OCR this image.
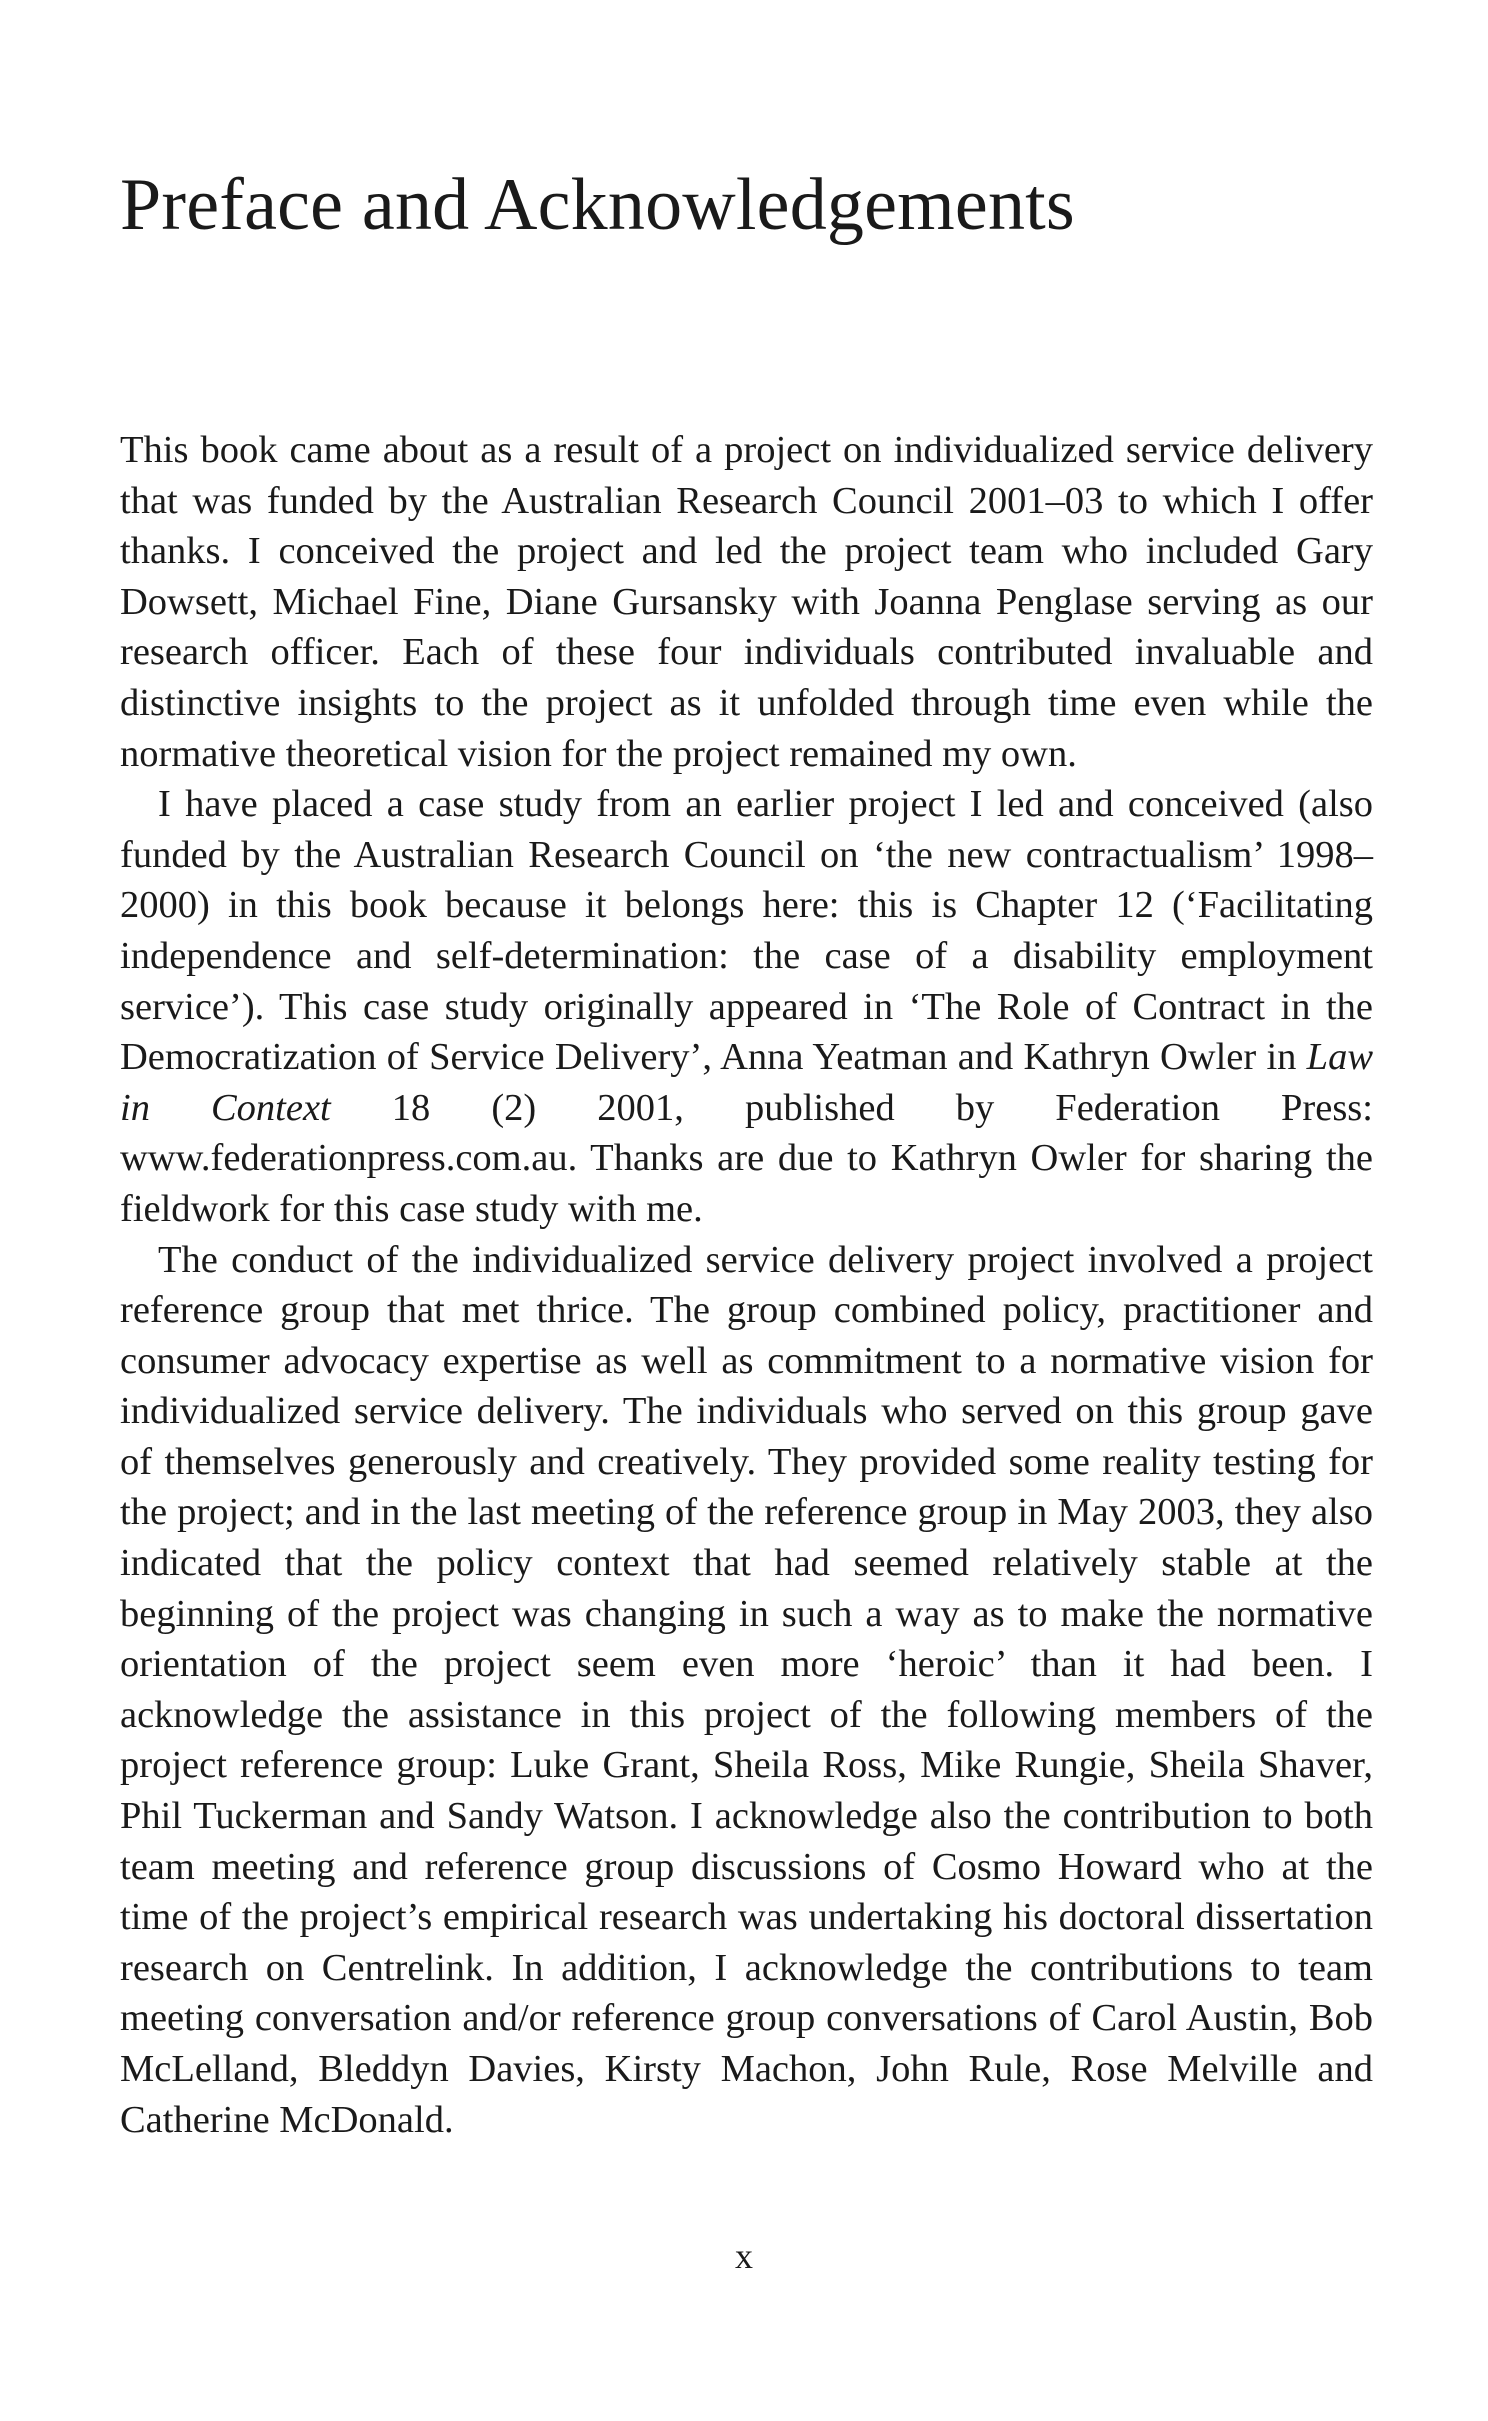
Preface and Acknowledgements

This book came about as a result of a project on individualized service delivery that was funded by the Australian Research Council 2001–03 to which I offer thanks. I conceived the project and led the project team who included Gary Dowsett, Michael Fine, Diane Gursansky with Joanna Penglase serving as our research officer. Each of these four individuals contributed invaluable and distinctive insights to the project as it unfolded through time even while the normative theoretical vision for the project remained my own.

I have placed a case study from an earlier project I led and conceived (also funded by the Australian Research Council on ‘the new contractualism’ 1998–2000) in this book because it belongs here: this is Chapter 12 (‘Facilitating independence and self-determination: the case of a disability employment service’). This case study originally appeared in ‘The Role of Contract in the Democratization of Service Delivery’, Anna Yeatman and Kathryn Owler in Law in Context 18 (2) 2001, published by Federation Press: www.federationpress.com.au. Thanks are due to Kathryn Owler for sharing the fieldwork for this case study with me.

The conduct of the individualized service delivery project involved a project reference group that met thrice. The group combined policy, practitioner and consumer advocacy expertise as well as commitment to a normative vision for individualized service delivery. The individuals who served on this group gave of themselves generously and creatively. They provided some reality testing for the project; and in the last meeting of the reference group in May 2003, they also indicated that the policy context that had seemed relatively stable at the beginning of the project was changing in such a way as to make the normative orientation of the project seem even more ‘heroic’ than it had been. I acknowledge the assistance in this project of the following members of the project reference group: Luke Grant, Sheila Ross, Mike Rungie, Sheila Shaver, Phil Tuckerman and Sandy Watson. I acknowledge also the contribution to both team meeting and reference group discussions of Cosmo Howard who at the time of the project’s empirical research was undertaking his doctoral dissertation research on Centrelink. In addition, I acknowledge the contributions to team meeting conversation and/or reference group conversations of Carol Austin, Bob McLelland, Bleddyn Davies, Kirsty Machon, John Rule, Rose Melville and Catherine McDonald.

x
